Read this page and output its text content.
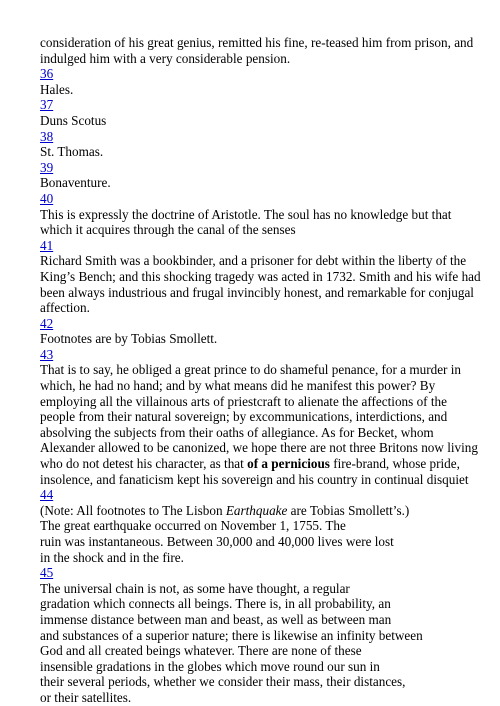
consideration of his great genius, remitted his fine, re-teased him from prison, and
indulged him with a very considerable pension.
36
Hales.
37
Duns Scotus
38
St. Thomas.
39
Bonaventure.
40
This is expressly the doctrine of Aristotle. The soul has no knowledge but that
which it acquires through the canal of the senses
41
Richard Smith was a bookbinder, and a prisoner for debt within the liberty of the
King’s Bench; and this shocking tragedy was acted in 1732. Smith and his wife had
been always industrious and frugal invincibly honest, and remarkable for conjugal
affection.
42
Footnotes are by Tobias Smollett.
43
That is to say, he obliged a great prince to do shameful penance, for a murder in
which, he had no hand; and by what means did he manifest this power? By
employing all the villainous arts of priestcraft to alienate the affections of the
people from their natural sovereign; by excommunications, interdictions, and
absolving the subjects from their oaths of allegiance. As for Becket, whom
Alexander allowed to be canonized, we hope there are not three Britons now living
who do not detest his character, as that of a pernicious fire-brand, whose pride,
insolence, and fanaticism kept his sovereign and his country in continual disquiet
44
(Note: All footnotes to The Lisbon Earthquake are Tobias Smollett’s.)
The great earthquake occurred on November 1, 1755. The
ruin was instantaneous. Between 30,000 and 40,000 lives were lost
in the shock and in the fire.
45
The universal chain is not, as some have thought, a regular
gradation which connects all beings. There is, in all probability, an
immense distance between man and beast, as well as between man
and substances of a superior nature; there is likewise an infinity between
God and all created beings whatever. There are none of these
insensible gradations in the globes which move round our sun in
their several periods, whether we consider their mass, their distances,
or their satellites.
